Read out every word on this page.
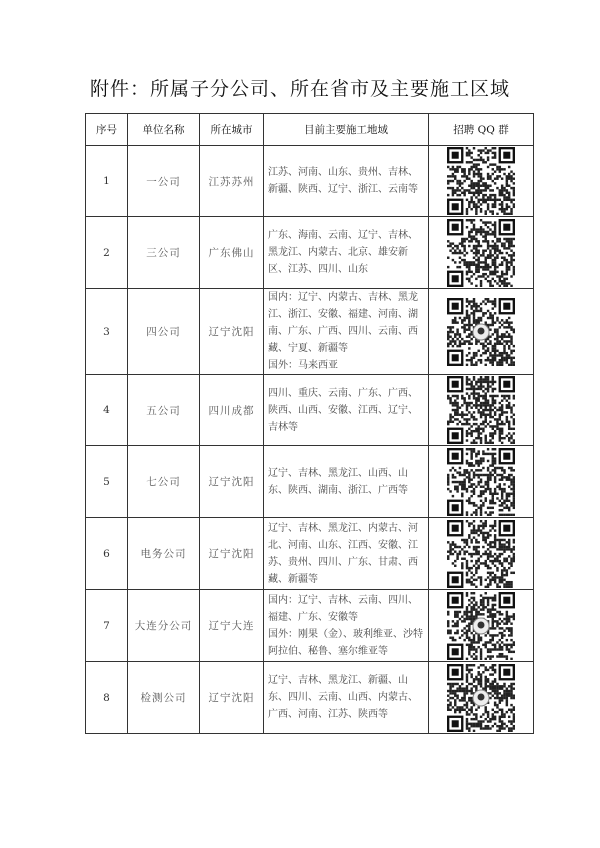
附件：所属子分公司、所在省市及主要施工区域
序号	单位名称	所在城市	目前主要施工地域	招聘 QQ 群
1	一公司	江苏苏州	江苏、河南、山东、贵州、吉林、新疆、陕西、辽宁、浙江、云南等

2	三公司	广东佛山	广东、海南、云南、辽宁、吉林、黑龙江、内蒙古、北京、雄安新区、江苏、四川、山东

3	四公司	辽宁沈阳	国内：辽宁、内蒙古、吉林、黑龙江、浙江、安徽、福建、河南、湖南、广东、广西、四川、云南、西藏、宁夏、新疆等
国外：马来西亚

4	五公司	四川成都	四川、重庆、云南、广东、广西、陕西、山西、安徽、江西、辽宁、吉林等

5	七公司	辽宁沈阳	辽宁、吉林、黑龙江、山西、山东、陕西、湖南、浙江、广西等

6	电务公司	辽宁沈阳	辽宁、吉林、黑龙江、内蒙古、河北、河南、山东、江西、安徽、江苏、贵州、四川、广东、甘肃、西藏、新疆等

7	大连分公司	辽宁大连	国内：辽宁、吉林、云南、四川、福建、广东、安徽等
国外：刚果（金）、玻利维亚、沙特阿拉伯、秘鲁、塞尔维亚等

8	检测公司	辽宁沈阳	辽宁、吉林、黑龙江、新疆、山东、四川、云南、山西、内蒙古、广西、河南、江苏、陕西等
